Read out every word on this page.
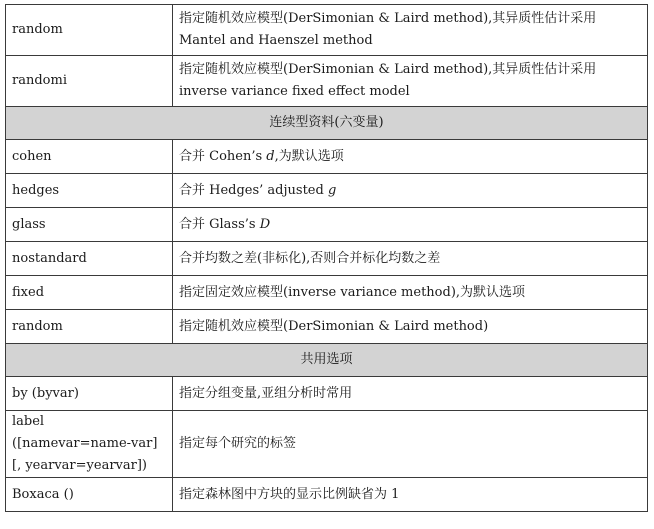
random	指定随机效应模型(DerSimonian & Laird method),其异质性估计采用 Mantel and Haenszel method
randomi	指定随机效应模型(DerSimonian & Laird method),其异质性估计采用 inverse variance fixed effect model
连续型资料(六变量)	
cohen	合并 Cohen’s d,为默认选项
hedges	合并 Hedges’ adjusted g
glass	合并 Glass’s D
nostandard	合并均数之差(非标化),否则合并标化均数之差
fixed	指定固定效应模型(inverse variance method),为默认选项
random	指定随机效应模型(DerSimonian & Laird method)
共用选项	
by (byvar)	指定分组变量,亚组分析时常用
label ([namevar=name-var] [, yearvar=yearvar])	指定每个研究的标签
Boxaca ()	指定森林图中方块的显示比例缺省为 1
